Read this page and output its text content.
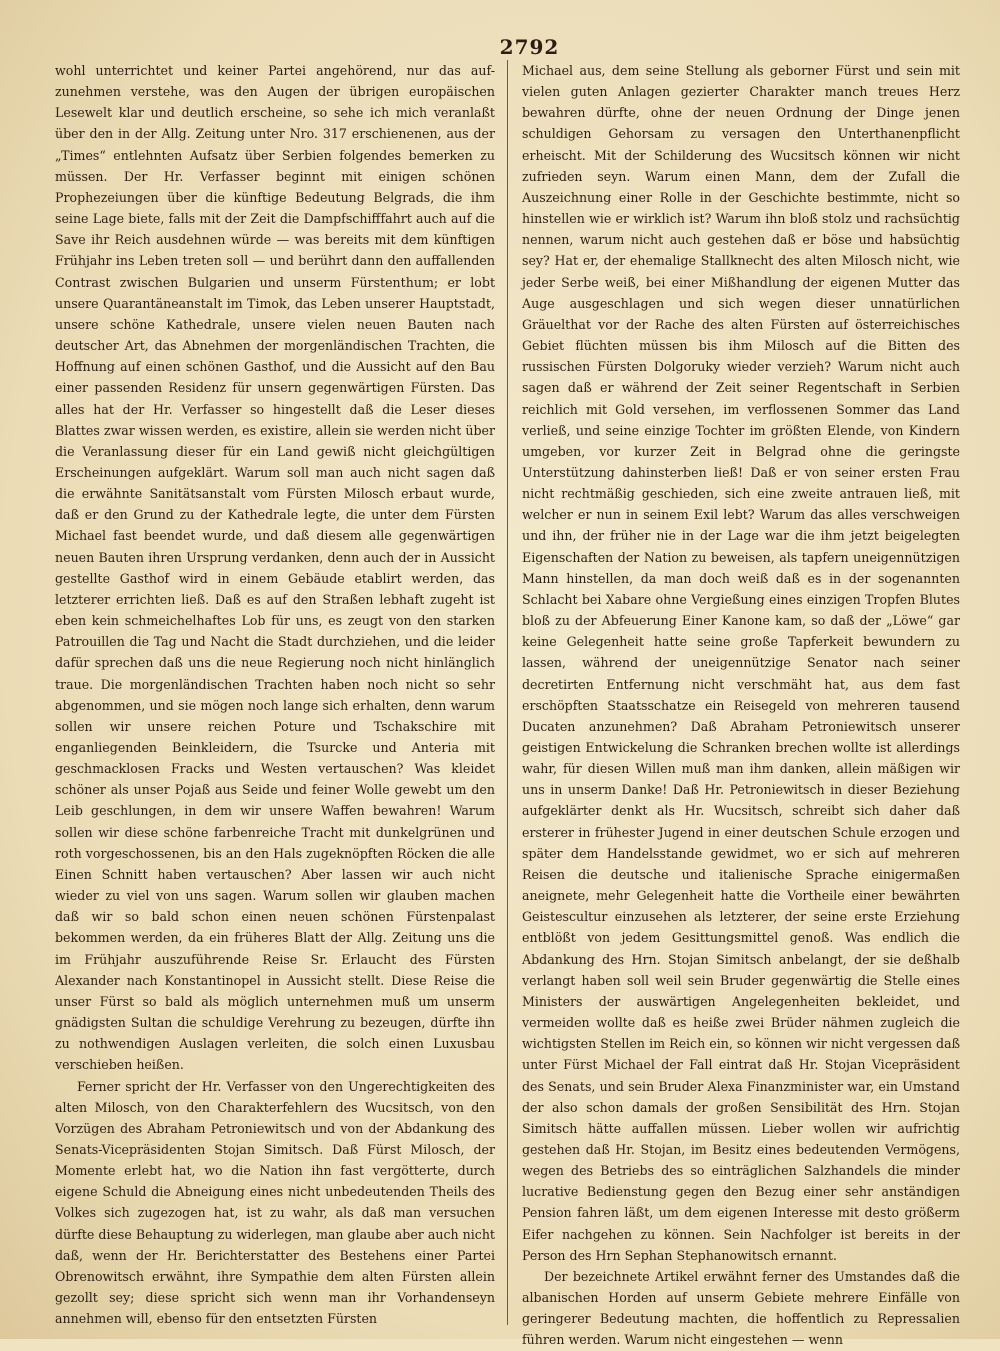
2792

wohl unterrichtet und keiner Partei angehörend, nur das auf-zunehmen verstehe, was den Augen der übrigen europäischen Lesewelt klar und deutlich erscheine, so sehe ich mich veranlaßt über den in der Allg. Zeitung unter Nro. 317 erschienenen, aus der „Times“ entlehnten Aufsatz über Serbien folgendes bemerken zu müssen. Der Hr. Verfasser beginnt mit einigen schönen Prophezeiungen über die künftige Bedeutung Belgrads, die ihm seine Lage biete, falls mit der Zeit die Dampfschifffahrt auch auf die Save ihr Reich ausdehnen würde — was bereits mit dem künftigen Frühjahr ins Leben treten soll — und berührt dann den auffallenden Contrast zwischen Bulgarien und unserm Fürstenthum; er lobt unsere Quarantäneanstalt im Timok, das Leben unserer Hauptstadt, unsere schöne Kathedrale, unsere vielen neuen Bauten nach deutscher Art, das Abnehmen der morgenländischen Trachten, die Hoffnung auf einen schönen Gasthof, und die Aussicht auf den Bau einer passenden Residenz für unsern gegenwärtigen Fürsten. Das alles hat der Hr. Verfasser so hingestellt daß die Leser dieses Blattes zwar wissen werden, es existire, allein sie werden nicht über die Veranlassung dieser für ein Land gewiß nicht gleichgültigen Erscheinungen aufgeklärt. Warum soll man auch nicht sagen daß die erwähnte Sanitätsanstalt vom Fürsten Milosch erbaut wurde, daß er den Grund zu der Kathedrale legte, die unter dem Fürsten Michael fast beendet wurde, und daß diesem alle gegenwärtigen neuen Bauten ihren Ursprung verdanken, denn auch der in Aussicht gestellte Gasthof wird in einem Gebäude etablirt werden, das letzterer errichten ließ. Daß es auf den Straßen lebhaft zugeht ist eben kein schmeichelhaftes Lob für uns, es zeugt von den starken Patrouillen die Tag und Nacht die Stadt durchziehen, und die leider dafür sprechen daß uns die neue Regierung noch nicht hinlänglich traue. Die morgenländischen Trachten haben noch nicht so sehr abgenommen, und sie mögen noch lange sich erhalten, denn warum sollen wir unsere reichen Poture und Tschakschire mit enganliegenden Beinkleidern, die Tsurcke und Anteria mit geschmacklosen Fracks und Westen vertauschen? Was kleidet schöner als unser Pojaß aus Seide und feiner Wolle gewebt um den Leib geschlungen, in dem wir unsere Waffen bewahren! Warum sollen wir diese schöne farbenreiche Tracht mit dunkelgrünen und roth vorgeschossenen, bis an den Hals zugeknöpften Röcken die alle Einen Schnitt haben vertauschen? Aber lassen wir auch nicht wieder zu viel von uns sagen. Warum sollen wir glauben machen daß wir so bald schon einen neuen schönen Fürstenpalast bekommen werden, da ein früheres Blatt der Allg. Zeitung uns die im Frühjahr auszuführende Reise Sr. Erlaucht des Fürsten Alexander nach Konstantinopel in Aussicht stellt. Diese Reise die unser Fürst so bald als möglich unternehmen muß um unserm gnädigsten Sultan die schuldige Verehrung zu bezeugen, dürfte ihn zu nothwendigen Auslagen verleiten, die solch einen Luxusbau verschieben heißen.

Ferner spricht der Hr. Verfasser von den Ungerechtigkeiten des alten Milosch, von den Charakterfehlern des Wucsitsch, von den Vorzügen des Abraham Petroniewitsch und von der Abdankung des Senats-Vicepräsidenten Stojan Simitsch. Daß Fürst Milosch, der Momente erlebt hat, wo die Nation ihn fast vergötterte, durch eigene Schuld die Abneigung eines nicht unbedeutenden Theils des Volkes sich zugezogen hat, ist zu wahr, als daß man versuchen dürfte diese Behauptung zu widerlegen, man glaube aber auch nicht daß, wenn der Hr. Berichterstatter des Bestehens einer Partei Obrenowitsch erwähnt, ihre Sympathie dem alten Fürsten allein gezollt sey; diese spricht sich wenn man ihr Vorhandenseyn annehmen will, ebenso für den entsetzten Fürsten

Michael aus, dem seine Stellung als geborner Fürst und sein mit vielen guten Anlagen gezierter Charakter manch treues Herz bewahren dürfte, ohne der neuen Ordnung der Dinge jenen schuldigen Gehorsam zu versagen den Unterthanenpflicht erheischt. Mit der Schilderung des Wucsitsch können wir nicht zufrieden seyn. Warum einen Mann, dem der Zufall die Auszeichnung einer Rolle in der Geschichte bestimmte, nicht so hinstellen wie er wirklich ist? Warum ihn bloß stolz und rachsüchtig nennen, warum nicht auch gestehen daß er böse und habsüchtig sey? Hat er, der ehemalige Stallknecht des alten Milosch nicht, wie jeder Serbe weiß, bei einer Mißhandlung der eigenen Mutter das Auge ausgeschlagen und sich wegen dieser unnatürlichen Gräuelthat vor der Rache des alten Fürsten auf österreichisches Gebiet flüchten müssen bis ihm Milosch auf die Bitten des russischen Fürsten Dolgoruky wieder verzieh? Warum nicht auch sagen daß er während der Zeit seiner Regentschaft in Serbien reichlich mit Gold versehen, im verflossenen Sommer das Land verließ, und seine einzige Tochter im größten Elende, von Kindern umgeben, vor kurzer Zeit in Belgrad ohne die geringste Unterstützung dahinsterben ließ! Daß er von seiner ersten Frau nicht rechtmäßig geschieden, sich eine zweite antrauen ließ, mit welcher er nun in seinem Exil lebt? Warum das alles verschweigen und ihn, der früher nie in der Lage war die ihm jetzt beigelegten Eigenschaften der Nation zu beweisen, als tapfern uneigennützigen Mann hinstellen, da man doch weiß daß es in der sogenannten Schlacht bei Xabare ohne Vergießung eines einzigen Tropfen Blutes bloß zu der Abfeuerung Einer Kanone kam, so daß der „Löwe“ gar keine Gelegenheit hatte seine große Tapferkeit bewundern zu lassen, während der uneigennützige Senator nach seiner decretirten Entfernung nicht verschmäht hat, aus dem fast erschöpften Staatsschatze ein Reisegeld von mehreren tausend Ducaten anzunehmen? Daß Abraham Petroniewitsch unserer geistigen Entwickelung die Schranken brechen wollte ist allerdings wahr, für diesen Willen muß man ihm danken, allein mäßigen wir uns in unserm Danke! Daß Hr. Petroniewitsch in dieser Beziehung aufgeklärter denkt als Hr. Wucsitsch, schreibt sich daher daß ersterer in frühester Jugend in einer deutschen Schule erzogen und später dem Handelsstande gewidmet, wo er sich auf mehreren Reisen die deutsche und italienische Sprache einigermaßen aneignete, mehr Gelegenheit hatte die Vortheile einer bewährten Geistescultur einzusehen als letzterer, der seine erste Erziehung entblößt von jedem Gesittungsmittel genoß. Was endlich die Abdankung des Hrn. Stojan Simitsch anbelangt, der sie deßhalb verlangt haben soll weil sein Bruder gegenwärtig die Stelle eines Ministers der auswärtigen Angelegenheiten bekleidet, und vermeiden wollte daß es heiße zwei Brüder nähmen zugleich die wichtigsten Stellen im Reich ein, so können wir nicht vergessen daß unter Fürst Michael der Fall eintrat daß Hr. Stojan Vicepräsident des Senats, und sein Bruder Alexa Finanzminister war, ein Umstand der also schon damals der großen Sensibilität des Hrn. Stojan Simitsch hätte auffallen müssen. Lieber wollen wir aufrichtig gestehen daß Hr. Stojan, im Besitz eines bedeutenden Vermögens, wegen des Betriebs des so einträglichen Salzhandels die minder lucrative Bedienstung gegen den Bezug einer sehr anständigen Pension fahren läßt, um dem eigenen Interesse mit desto größerm Eifer nachgehen zu können. Sein Nachfolger ist bereits in der Person des Hrn Sephan Stephanowitsch ernannt.

Der bezeichnete Artikel erwähnt ferner des Umstandes daß die albanischen Horden auf unserm Gebiete mehrere Einfälle von geringerer Bedeutung machten, die hoffentlich zu Repressalien führen werden. Warum nicht eingestehen — wenn
